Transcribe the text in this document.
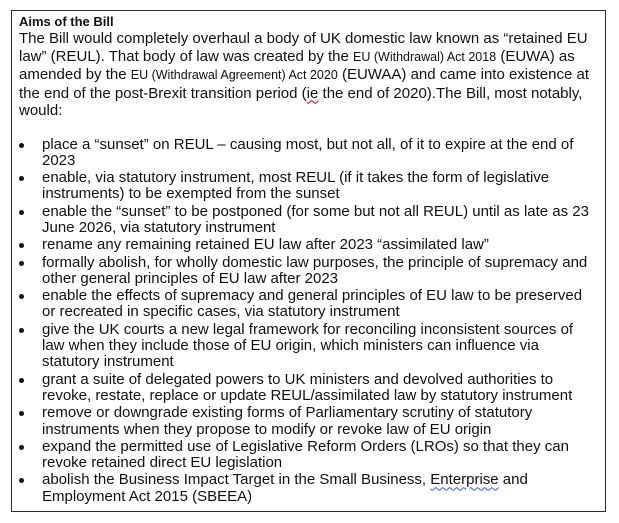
Aims of the Bill

The Bill would completely overhaul a body of UK domestic law known as “retained EU law” (REUL). That body of law was created by the EU (Withdrawal) Act 2018 (EUWA) as amended by the EU (Withdrawal Agreement) Act 2020 (EUWAA) and came into existence at the end of the post-Brexit transition period (ie the end of 2020).The Bill, most notably, would:

place a “sunset” on REUL – causing most, but not all, of it to expire at the end of 2023
enable, via statutory instrument, most REUL (if it takes the form of legislative instruments) to be exempted from the sunset
enable the “sunset” to be postponed (for some but not all REUL) until as late as 23 June 2026, via statutory instrument
rename any remaining retained EU law after 2023 “assimilated law”
formally abolish, for wholly domestic law purposes, the principle of supremacy and other general principles of EU law after 2023
enable the effects of supremacy and general principles of EU law to be preserved or recreated in specific cases, via statutory instrument
give the UK courts a new legal framework for reconciling inconsistent sources of law when they include those of EU origin, which ministers can influence via statutory instrument
grant a suite of delegated powers to UK ministers and devolved authorities to revoke, restate, replace or update REUL/assimilated law by statutory instrument
remove or downgrade existing forms of Parliamentary scrutiny of statutory instruments when they propose to modify or revoke law of EU origin
expand the permitted use of Legislative Reform Orders (LROs) so that they can revoke retained direct EU legislation
abolish the Business Impact Target in the Small Business, Enterprise and Employment Act 2015 (SBEEA)
